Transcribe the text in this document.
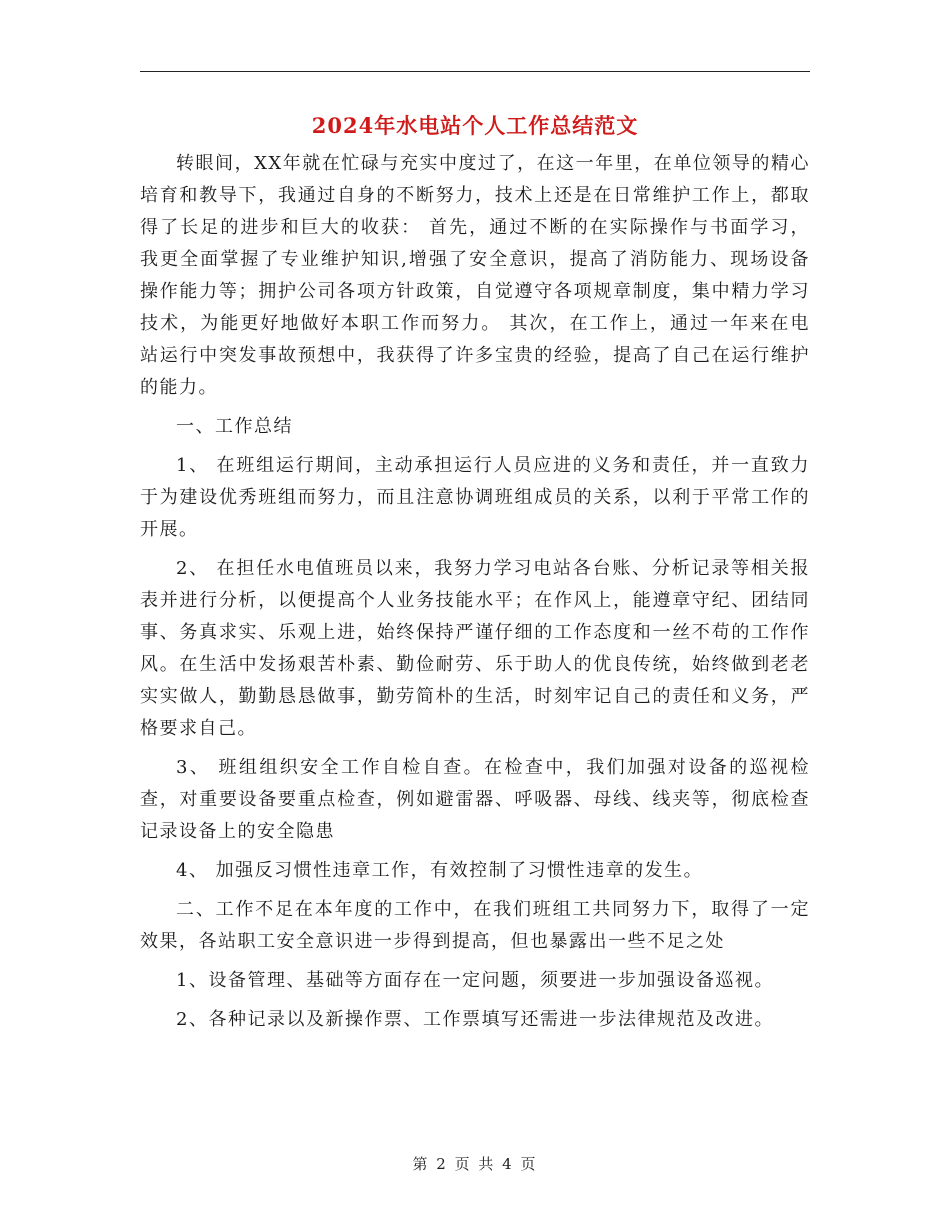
2024年水电站个人工作总结范文

转眼间，XX年就在忙碌与充实中度过了，在这一年里，在单位领导的精心培育和教导下，我通过自身的不断努力，技术上还是在日常维护工作上，都取得了长足的进步和巨大的收获： 首先，通过不断的在实际操作与书面学习，我更全面掌握了专业维护知识,增强了安全意识，提高了消防能力、现场设备操作能力等；拥护公司各项方针政策，自觉遵守各项规章制度，集中精力学习技术，为能更好地做好本职工作而努力。 其次，在工作上，通过一年来在电站运行中突发事故预想中，我获得了许多宝贵的经验，提高了自己在运行维护的能力。

一、工作总结

1、 在班组运行期间，主动承担运行人员应进的义务和责任，并一直致力于为建设优秀班组而努力，而且注意协调班组成员的关系，以利于平常工作的开展。

2、 在担任水电值班员以来，我努力学习电站各台账、分析记录等相关报表并进行分析，以便提高个人业务技能水平；在作风上，能遵章守纪、团结同事、务真求实、乐观上进，始终保持严谨仔细的工作态度和一丝不苟的工作作风。在生活中发扬艰苦朴素、勤俭耐劳、乐于助人的优良传统，始终做到老老实实做人，勤勤恳恳做事，勤劳简朴的生活，时刻牢记自己的责任和义务，严格要求自己。

3、 班组组织安全工作自检自查。在检查中，我们加强对设备的巡视检查，对重要设备要重点检查，例如避雷器、呼吸器、母线、线夹等，彻底检查记录设备上的安全隐患

4、 加强反习惯性违章工作，有效控制了习惯性违章的发生。

二、工作不足在本年度的工作中，在我们班组工共同努力下，取得了一定效果，各站职工安全意识进一步得到提高，但也暴露出一些不足之处

1、设备管理、基础等方面存在一定问题，须要进一步加强设备巡视。

2、各种记录以及新操作票、工作票填写还需进一步法律规范及改进。

第 2 页 共 4 页
